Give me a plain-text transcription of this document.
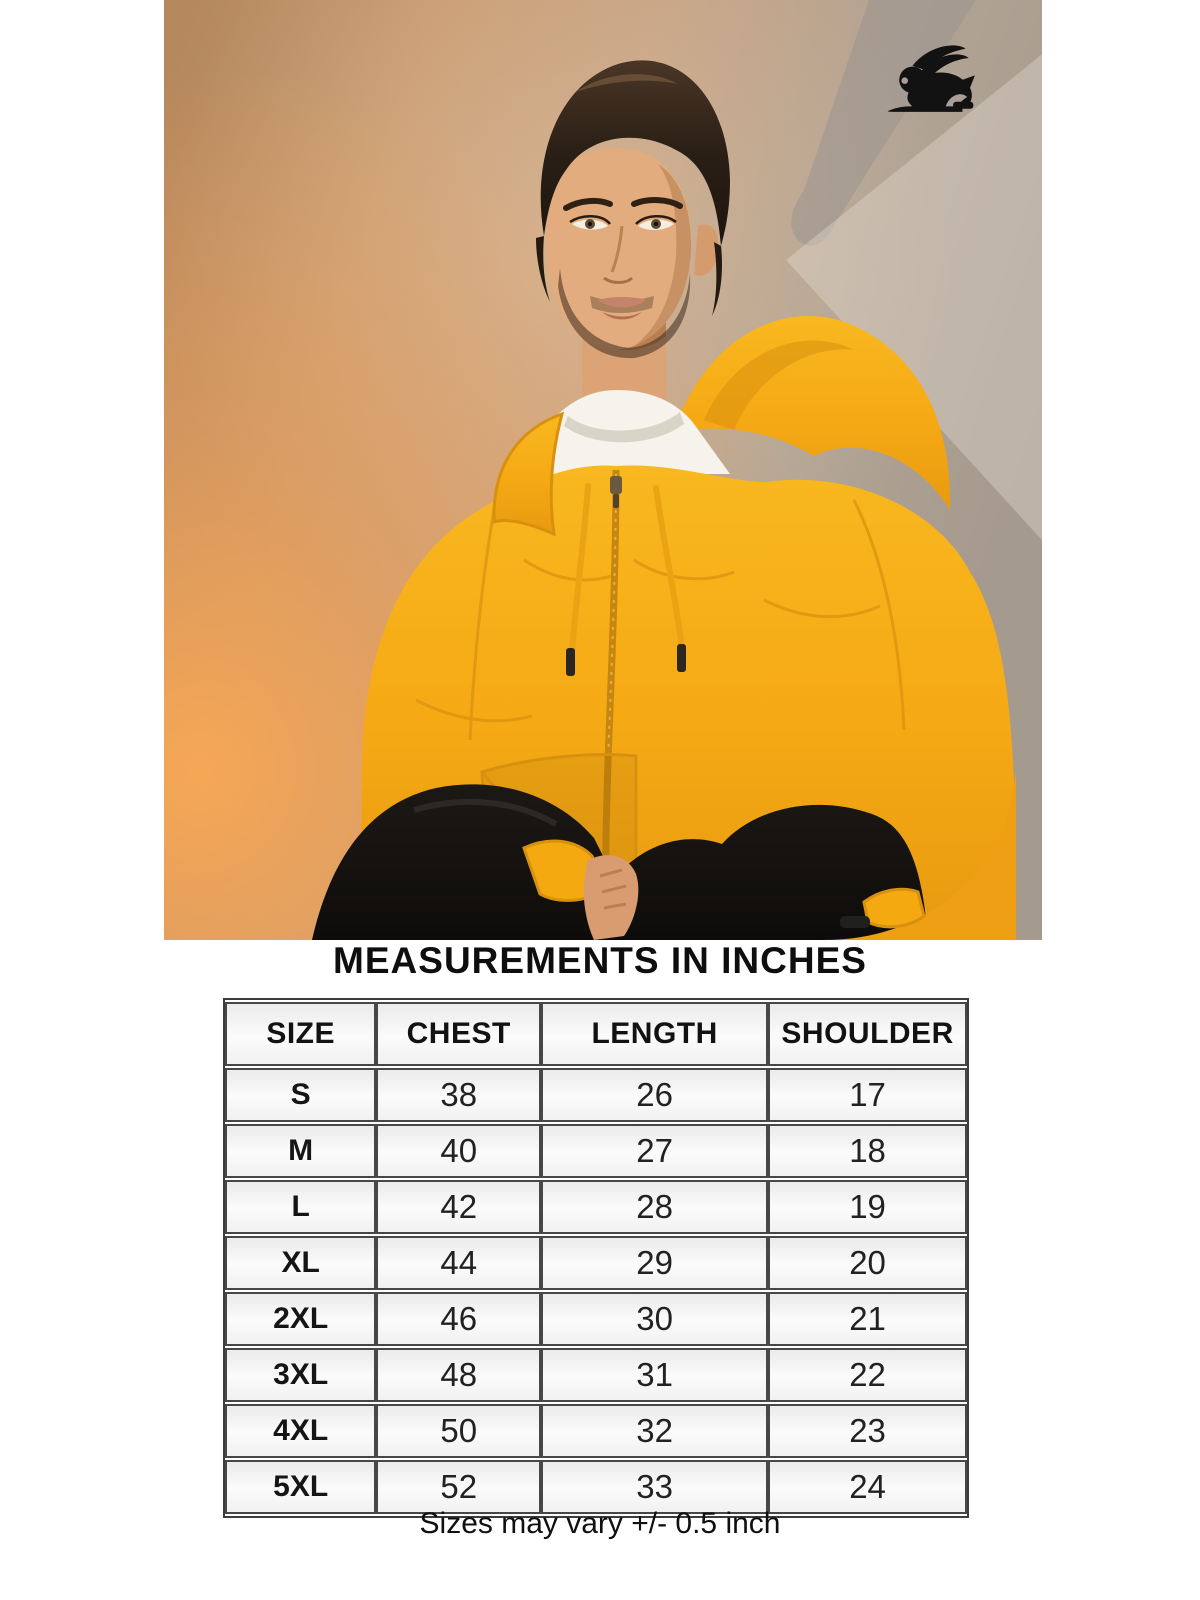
MEASUREMENTS IN INCHES
SIZE	CHEST	LENGTH	SHOULDER
S	38	26	17
M	40	27	18
L	42	28	19
XL	44	29	20
2XL	46	30	21
3XL	48	31	22
4XL	50	32	23
5XL	52	33	24
Sizes may vary +/- 0.5 inch
